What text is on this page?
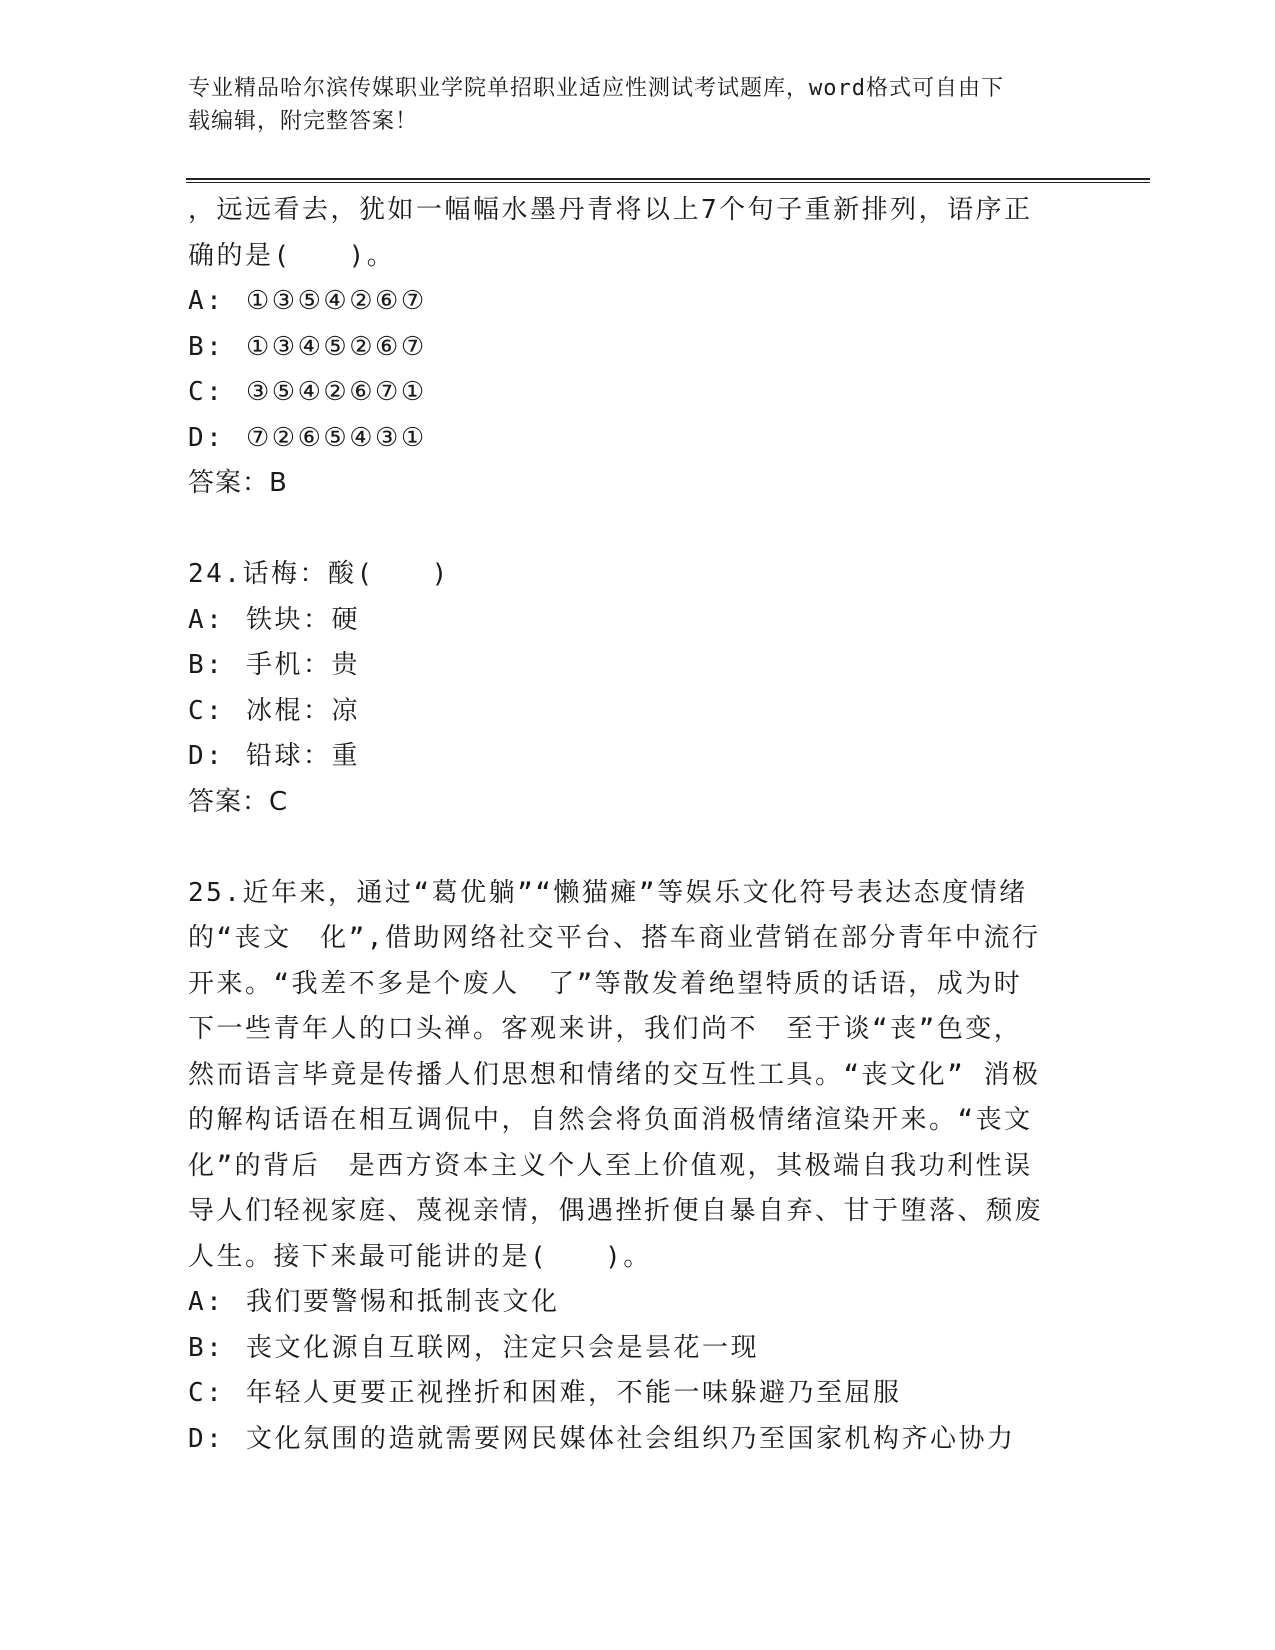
专业精品哈尔滨传媒职业学院单招职业适应性测试考试题库，word格式可自由下
载编辑，附完整答案！
，远远看去，犹如一幅幅水墨丹青将以上7个句子重新排列，语序正
确的是(　　)。
A: ①③⑤④②⑥⑦
B: ①③④⑤②⑥⑦
C: ③⑤④②⑥⑦①
D: ⑦②⑥⑤④③①
答案：B
24.话梅：酸(　　)
A: 铁块：硬
B: 手机：贵
C: 冰棍：凉
D: 铅球：重
答案：C
25.近年来，通过“葛优躺”“懒猫瘫”等娱乐文化符号表达态度情绪
的“丧文　化”,借助网络社交平台、搭车商业营销在部分青年中流行
开来。“我差不多是个废人　了”等散发着绝望特质的话语，成为时
下一些青年人的口头禅。客观来讲，我们尚不　至于谈“丧”色变，
然而语言毕竟是传播人们思想和情绪的交互性工具。“丧文化” 消极
的解构话语在相互调侃中，自然会将负面消极情绪渲染开来。“丧文
化”的背后　是西方资本主义个人至上价值观，其极端自我功利性误
导人们轻视家庭、蔑视亲情，偶遇挫折便自暴自弃、甘于堕落、颓废
人生。接下来最可能讲的是(　　)。
A: 我们要警惕和抵制丧文化
B: 丧文化源自互联网，注定只会是昙花一现
C: 年轻人更要正视挫折和困难，不能一味躲避乃至屈服
D: 文化氛围的造就需要网民媒体社会组织乃至国家机构齐心协力
